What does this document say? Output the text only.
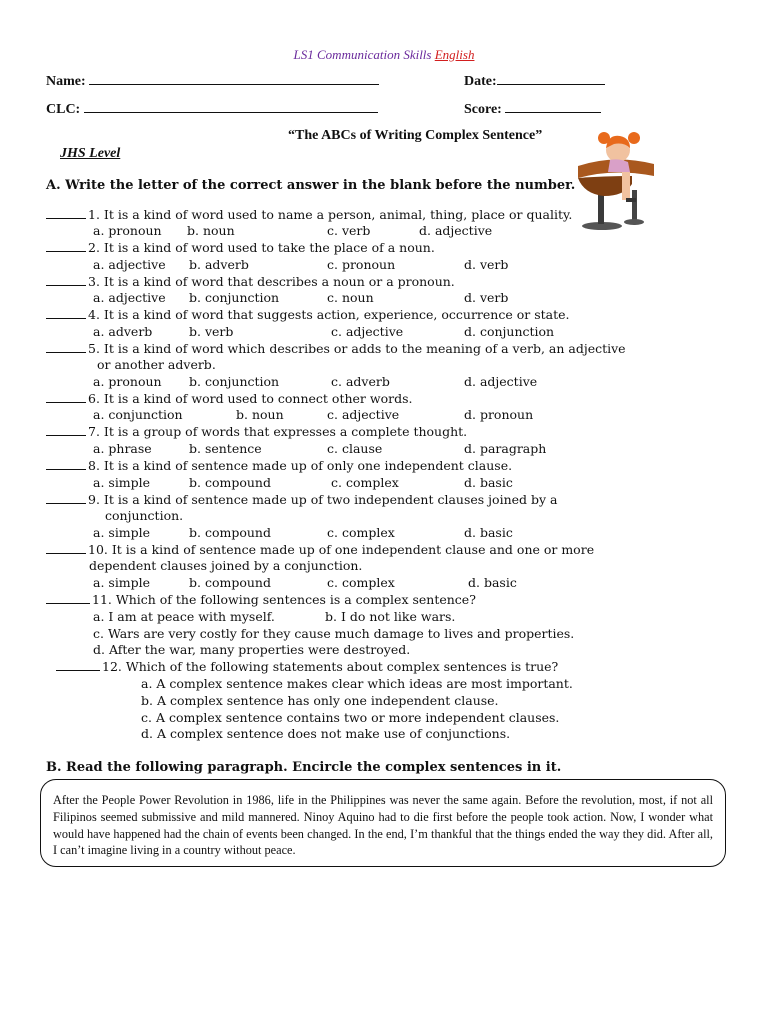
LS1 Communication Skills English
Name:	Date:
CLC:	Score:
“The ABCs of Writing Complex Sentence”
JHS Level
A. Write the letter of the correct answer in the blank before the number.
1. It is a kind of word used to name a person, animal, thing, place or quality.
a. pronoun b. noun	c. verb	d. adjective
2. It is a kind of word used to take the place of a noun.
a. adjective b. adverb	c. pronoun	d. verb
3. It is a kind of word that describes a noun or a pronoun.
a. adjective b. conjunction	c. noun	d. verb
4. It is a kind of word that suggests action, experience, occurrence or state.
a. adverb	b. verb	c. adjective	d. conjunction
5. It is a kind of word which describes or adds to the meaning of a verb, an adjective
or another adverb.
a. pronoun b. conjunction	c. adverb	d. adjective
6. It is a kind of word used to connect other words.
a. conjunction	b. noun	c. adjective	d. pronoun
7. It is a group of words that expresses a complete thought.
a. phrase	b. sentence	c. clause	d. paragraph
8. It is a kind of sentence made up of only one independent clause.
a. simple	b. compound	c. complex	d. basic
9. It is a kind of sentence made up of two independent clauses joined by a
conjunction.
a. simple	b. compound	c. complex	d. basic
10. It is a kind of sentence made up of one independent clause and one or more
dependent clauses joined by a conjunction.
a. simple	b. compound	c. complex	d. basic
11. Which of the following sentences is a complex sentence?
a. I am at peace with myself.	b. I do not like wars.
c. Wars are very costly for they cause much damage to lives and properties.
d. After the war, many properties were destroyed.
12. Which of the following statements about complex sentences is true?
a. A complex sentence makes clear which ideas are most important.
b. A complex sentence has only one independent clause.
c. A complex sentence contains two or more independent clauses.
d. A complex sentence does not make use of conjunctions.
B. Read the following paragraph. Encircle the complex sentences in it.
After the People Power Revolution in 1986, life in the Philippines was never the same again. Before the revolution, most, if not all Filipinos seemed submissive and mild mannered. Ninoy Aquino had to die first before the people took action. Now, I wonder what would have happened had the chain of events been changed. In the end, I’m thankful that the things ended the way they did. After all, I can’t imagine living in a country without peace.
